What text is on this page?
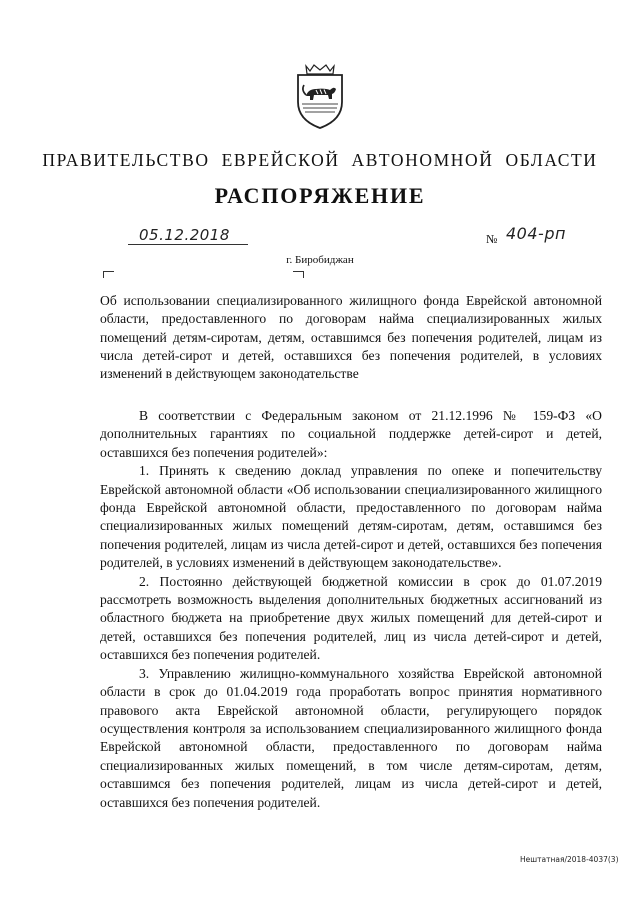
ПРАВИТЕЛЬСТВО ЕВРЕЙСКОЙ АВТОНОМНОЙ ОБЛАСТИ
РАСПОРЯЖЕНИЕ
05.12.2018	№ 404-рп
г. Биробиджан
Об использовании специализированного жилищного фонда Еврейской автономной области, предоставленного по договорам найма специализированных жилых помещений детям-сиротам, детям, оставшимся без попечения родителей, лицам из числа детей-сирот и детей, оставшихся без попечения родителей, в условиях изменений в действующем законодательстве

В соответствии с Федеральным законом от 21.12.1996 № 159-ФЗ «О дополнительных гарантиях по социальной поддержке детей-сирот и детей, оставшихся без попечения родителей»:

1. Принять к сведению доклад управления по опеке и попечительству Еврейской автономной области «Об использовании специализированного жилищного фонда Еврейской автономной области, предоставленного по договорам найма специализированных жилых помещений детям-сиротам, детям, оставшимся без попечения родителей, лицам из числа детей-сирот и детей, оставшихся без попечения родителей, в условиях изменений в действующем законодательстве».

2. Постоянно действующей бюджетной комиссии в срок до 01.07.2019 рассмотреть возможность выделения дополнительных бюджетных ассигнований из областного бюджета на приобретение двух жилых помещений для детей-сирот и детей, оставшихся без попечения родителей, лиц из числа детей-сирот и детей, оставшихся без попечения родителей.

3. Управлению жилищно-коммунального хозяйства Еврейской автономной области в срок до 01.04.2019 года проработать вопрос принятия нормативного правового акта Еврейской автономной области, регулирующего порядок осуществления контроля за использованием специализированного жилищного фонда Еврейской автономной области, предоставленного по договорам найма специализированных жилых помещений, в том числе детям-сиротам, детям, оставшимся без попечения родителей, лицам из числа детей-сирот и детей, оставшихся без попечения родителей.

Нештатная/2018-4037(3)
